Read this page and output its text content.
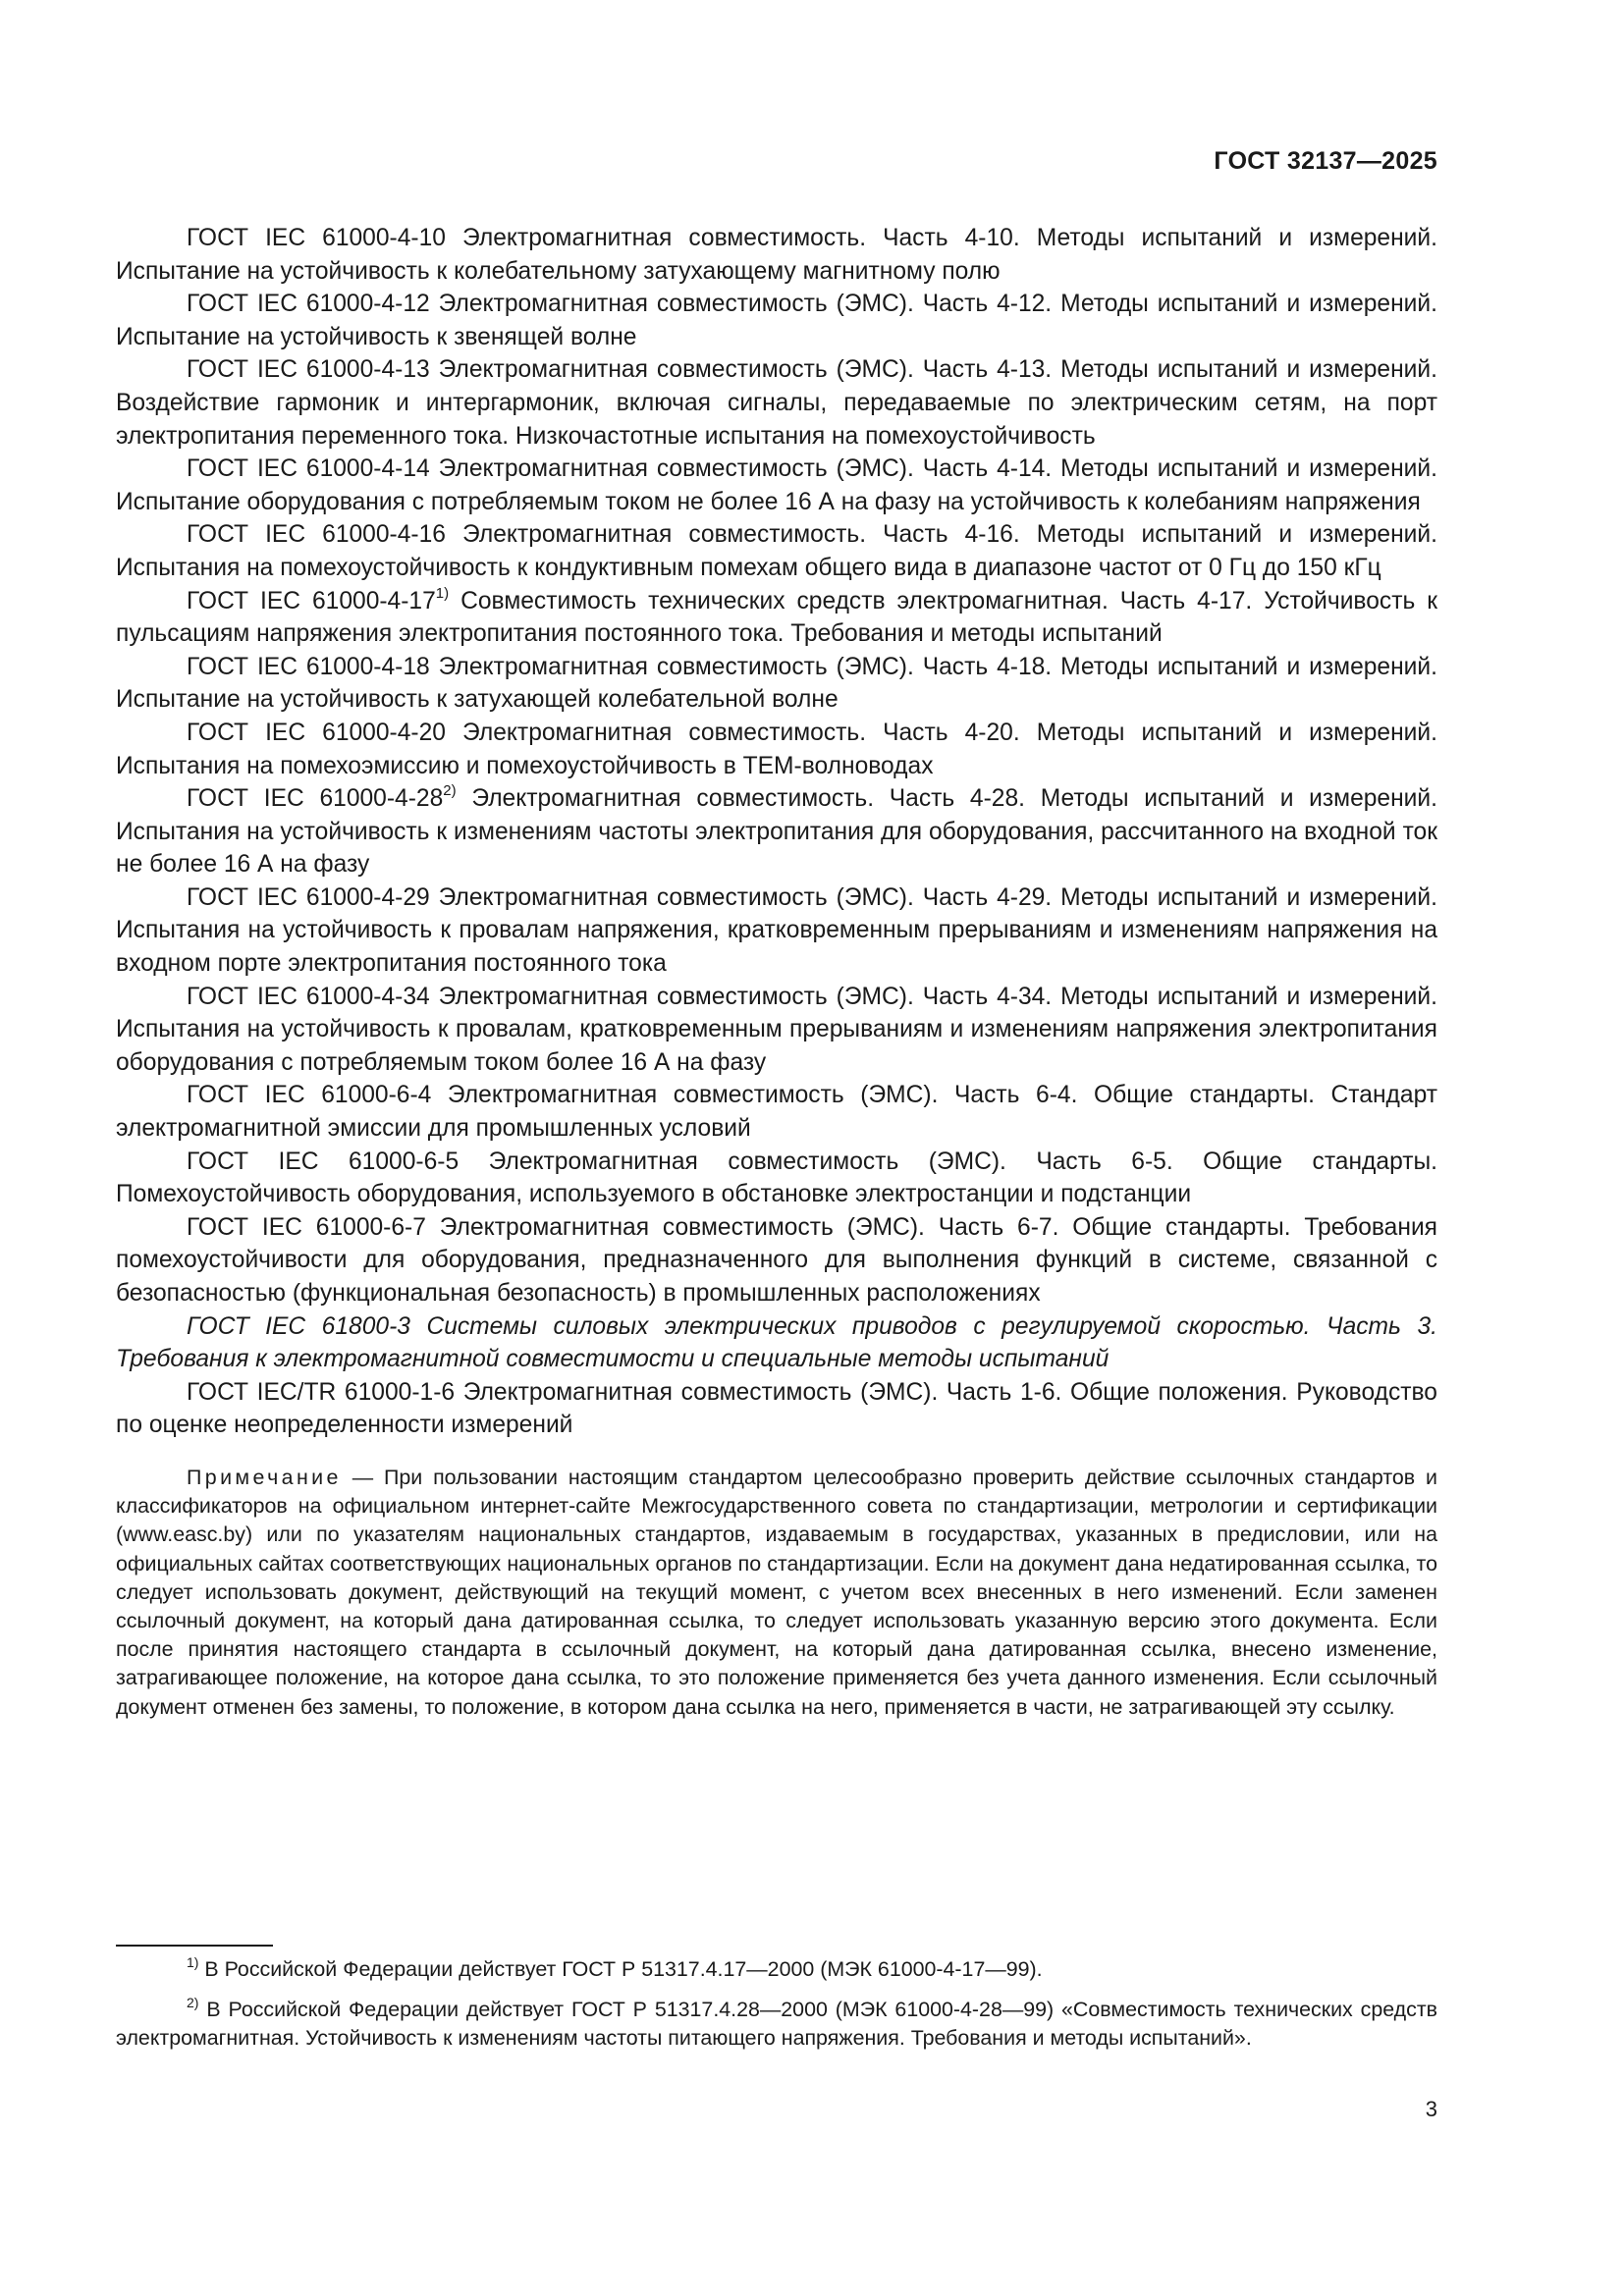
ГОСТ 32137—2025

ГОСТ IEC 61000-4-10 Электромагнитная совместимость. Часть 4-10. Методы испытаний и измерений. Испытание на устойчивость к колебательному затухающему магнитному полю

ГОСТ IEC 61000-4-12 Электромагнитная совместимость (ЭМС). Часть 4-12. Методы испытаний и измерений. Испытание на устойчивость к звенящей волне

ГОСТ IEC 61000-4-13 Электромагнитная совместимость (ЭМС). Часть 4-13. Методы испытаний и измерений. Воздействие гармоник и интергармоник, включая сигналы, передаваемые по электрическим сетям, на порт электропитания переменного тока. Низкочастотные испытания на помехоустойчивость

ГОСТ IEC 61000-4-14 Электромагнитная совместимость (ЭМС). Часть 4-14. Методы испытаний и измерений. Испытание оборудования с потребляемым током не более 16 А на фазу на устойчивость к колебаниям напряжения

ГОСТ IEC 61000-4-16 Электромагнитная совместимость. Часть 4-16. Методы испытаний и измерений. Испытания на помехоустойчивость к кондуктивным помехам общего вида в диапазоне частот от 0 Гц до 150 кГц

ГОСТ IEC 61000-4-17$^{1)}$ Совместимость технических средств электромагнитная. Часть 4-17. Устойчивость к пульсациям напряжения электропитания постоянного тока. Требования и методы испытаний

ГОСТ IEC 61000-4-18 Электромагнитная совместимость (ЭМС). Часть 4-18. Методы испытаний и измерений. Испытание на устойчивость к затухающей колебательной волне

ГОСТ IEC 61000-4-20 Электромагнитная совместимость. Часть 4-20. Методы испытаний и измерений. Испытания на помехоэмиссию и помехоустойчивость в ТЕМ-волноводах

ГОСТ IEC 61000-4-28$^{2)}$ Электромагнитная совместимость. Часть 4-28. Методы испытаний и измерений. Испытания на устойчивость к изменениям частоты электропитания для оборудования, рассчитанного на входной ток не более 16 А на фазу

ГОСТ IEC 61000-4-29 Электромагнитная совместимость (ЭМС). Часть 4-29. Методы испытаний и измерений. Испытания на устойчивость к провалам напряжения, кратковременным прерываниям и изменениям напряжения на входном порте электропитания постоянного тока

ГОСТ IEC 61000-4-34 Электромагнитная совместимость (ЭМС). Часть 4-34. Методы испытаний и измерений. Испытания на устойчивость к провалам, кратковременным прерываниям и изменениям напряжения электропитания оборудования с потребляемым током более 16 А на фазу

ГОСТ IEC 61000-6-4 Электромагнитная совместимость (ЭМС). Часть 6-4. Общие стандарты. Стандарт электромагнитной эмиссии для промышленных условий

ГОСТ IEC 61000-6-5 Электромагнитная совместимость (ЭМС). Часть 6-5. Общие стандарты. Помехоустойчивость оборудования, используемого в обстановке электростанции и подстанции

ГОСТ IEC 61000-6-7 Электромагнитная совместимость (ЭМС). Часть 6-7. Общие стандарты. Требования помехоустойчивости для оборудования, предназначенного для выполнения функций в системе, связанной с безопасностью (функциональная безопасность) в промышленных расположениях

ГОСТ IEC 61800-3 Системы силовых электрических приводов с регулируемой скоростью. Часть 3. Требования к электромагнитной совместимости и специальные методы испытаний

ГОСТ IEC/TR 61000-1-6 Электромагнитная совместимость (ЭМС). Часть 1-6. Общие положения. Руководство по оценке неопределенности измерений

Примечание — При пользовании настоящим стандартом целесообразно проверить действие ссылочных стандартов и классификаторов на официальном интернет-сайте Межгосударственного совета по стандартизации, метрологии и сертификации (www.easc.by) или по указателям национальных стандартов, издаваемым в государствах, указанных в предисловии, или на официальных сайтах соответствующих национальных органов по стандартизации. Если на документ дана недатированная ссылка, то следует использовать документ, действующий на текущий момент, с учетом всех внесенных в него изменений. Если заменен ссылочный документ, на который дана датированная ссылка, то следует использовать указанную версию этого документа. Если после принятия настоящего стандарта в ссылочный документ, на который дана датированная ссылка, внесено изменение, затрагивающее положение, на которое дана ссылка, то это положение применяется без учета данного изменения. Если ссылочный документ отменен без замены, то положение, в котором дана ссылка на него, применяется в части, не затрагивающей эту ссылку.

$^{1)}$ В Российской Федерации действует ГОСТ Р 51317.4.17—2000 (МЭК 61000-4-17—99).

$^{2)}$ В Российской Федерации действует ГОСТ Р 51317.4.28—2000 (МЭК 61000-4-28—99) «Совместимость технических средств электромагнитная. Устойчивость к изменениям частоты питающего напряжения. Требования и методы испытаний».

3
